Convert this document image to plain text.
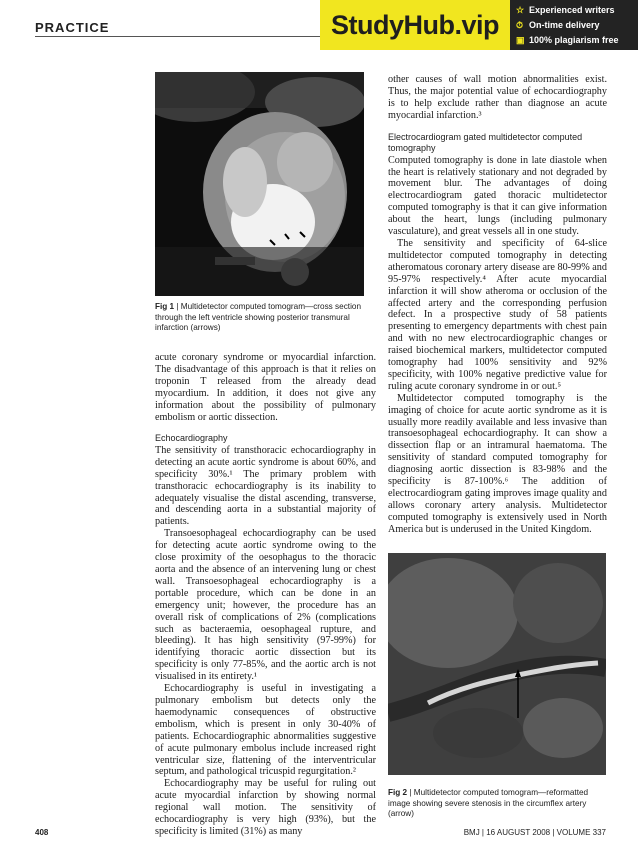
PRACTICE	StudyHub.vip	☆ Experienced writers
⏱ On-time delivery
▣ 100% plagiarism free
Fig 1 | Multidetector computed tomogram—cross section through the left ventricle showing posterior transmural infarction (arrows)

acute coronary syndrome or myocardial infarction. The disadvantage of this approach is that it relies on troponin T released from the already dead myocardium. In addition, it does not give any information about the possibility of pulmonary embolism or aortic dissection.

Echocardiography

The sensitivity of transthoracic echocardiography in detecting an acute aortic syndrome is about 60%, and specificity 30%.¹ The primary problem with transthoracic echocardiography is its inability to adequately visualise the distal ascending, transverse, and descending aorta in a substantial majority of patients.

Transoesophageal echocardiography can be used for detecting acute aortic syndrome owing to the close proximity of the oesophagus to the thoracic aorta and the absence of an intervening lung or chest wall. Transoesophageal echocardiography is a portable procedure, which can be done in an emergency unit; however, the procedure has an overall risk of complications of 2% (complications such as bacteraemia, oesophageal rupture, and bleeding). It has high sensitivity (97-99%) for identifying thoracic aortic dissection but its specificity is only 77-85%, and the aortic arch is not visualised in its entirety.¹

Echocardiography is useful in investigating a pulmonary embolism but detects only the haemodynamic consequences of obstructive embolism, which is present in only 30-40% of patients. Echocardiographic abnormalities suggestive of acute pulmonary embolus include increased right ventricular size, flattening of the interventricular septum, and pathological tricuspid regurgitation.²

Echocardiography may be useful for ruling out acute myocardial infarction by showing normal regional wall motion. The sensitivity of echocardiography is very high (93%), but the specificity is limited (31%) as many

other causes of wall motion abnormalities exist. Thus, the major potential value of echocardiography is to help exclude rather than diagnose an acute myocardial infarction.³

Electrocardiogram gated multidetector computed tomography

Computed tomography is done in late diastole when the heart is relatively stationary and not degraded by movement blur. The advantages of doing electrocardiogram gated thoracic multidetector computed tomography is that it can give information about the heart, lungs (including pulmonary vasculature), and great vessels all in one study.

The sensitivity and specificity of 64-slice multidetector computed tomography in detecting atheromatous coronary artery disease are 80-99% and 95-97% respectively.⁴ After acute myocardial infarction it will show atheroma or occlusion of the affected artery and the corresponding perfusion defect. In a prospective study of 58 patients presenting to emergency departments with chest pain and with no new electrocardiographic changes or raised biochemical markers, multidetector computed tomography had 100% sensitivity and 92% specificity, with 100% negative predictive value for ruling acute coronary syndrome in or out.⁵

Multidetector computed tomography is the imaging of choice for acute aortic syndrome as it is usually more readily available and less invasive than transoesophageal echocardiography. It can show a dissection flap or an intramural haematoma. The sensitivity of standard computed tomography for diagnosing aortic dissection is 83-98% and the specificity is 87-100%.⁶ The addition of electrocardiogram gating improves image quality and allows coronary artery analysis. Multidetector computed tomography is extensively used in North America but is underused in the United Kingdom.

Fig 2 | Multidetector computed tomogram—reformatted image showing severe stenosis in the circumflex artery (arrow)
408	BMJ | 16 AUGUST 2008 | VOLUME 337
